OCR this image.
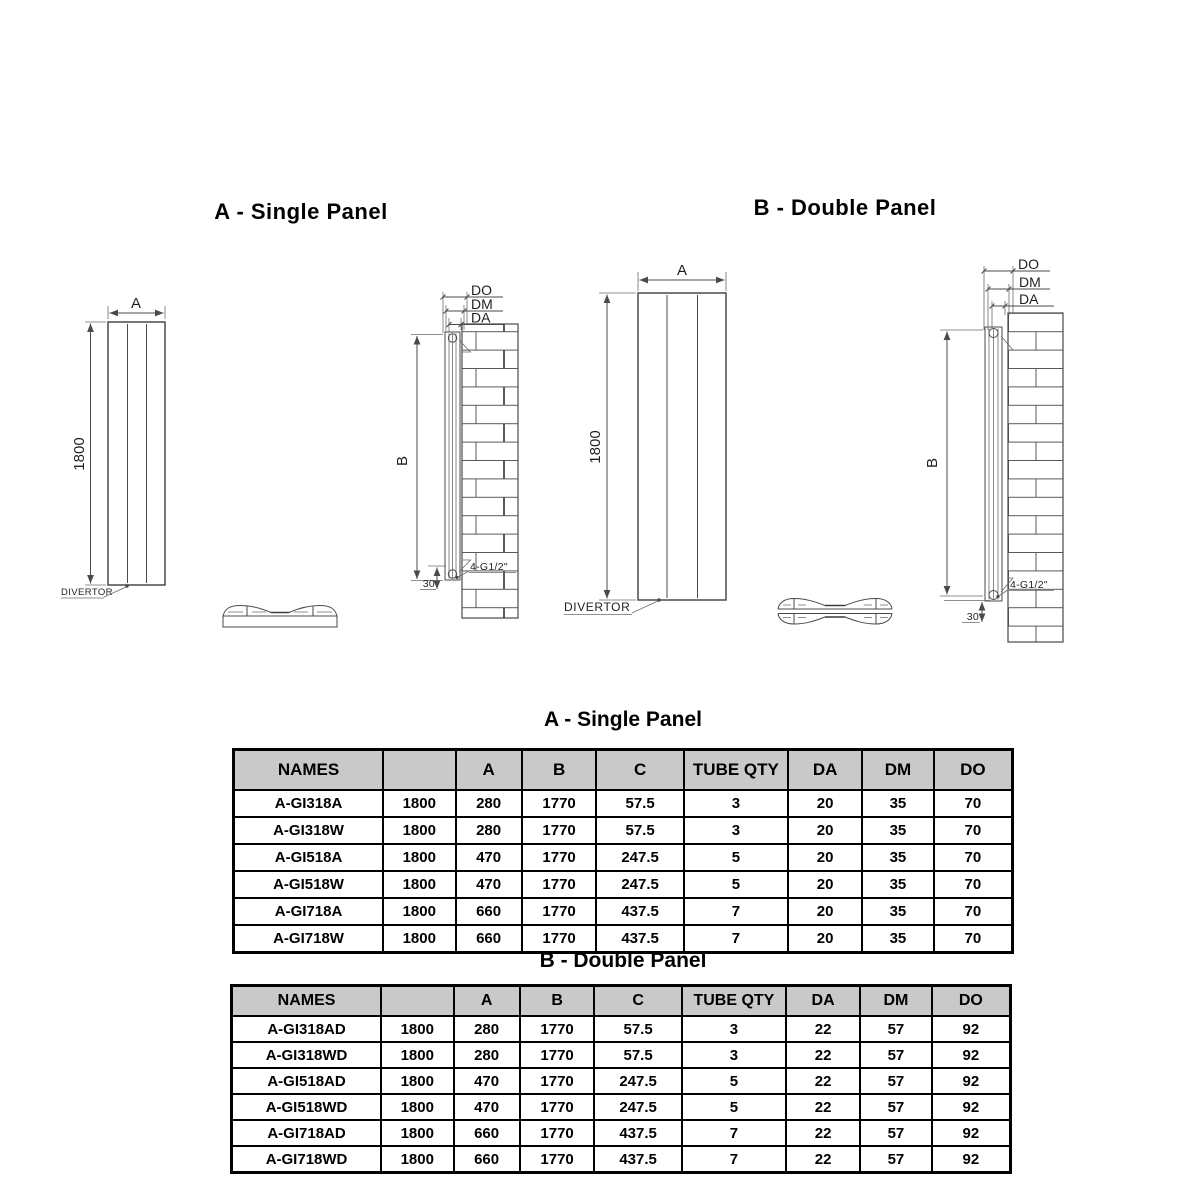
A - Single Panel	B - Double Panel
A
1800
DIVERTOR
B
DO
DM
DA
4-G1/2"
30
A
1800
DIVERTOR
B
DO
DM
DA
4-G1/2"
30
A - Single Panel
NAMES		A	B	C	TUBE QTY	DA	DM	DO
A-GI318A	1800	280	1770	57.5	3	20	35	70
A-GI318W	1800	280	1770	57.5	3	20	35	70
A-GI518A	1800	470	1770	247.5	5	20	35	70
A-GI518W	1800	470	1770	247.5	5	20	35	70
A-GI718A	1800	660	1770	437.5	7	20	35	70
A-GI718W	1800	660	1770	437.5	7	20	35	70
B - Double Panel
NAMES		A	B	C	TUBE QTY	DA	DM	DO
A-GI318AD	1800	280	1770	57.5	3	22	57	92
A-GI318WD	1800	280	1770	57.5	3	22	57	92
A-GI518AD	1800	470	1770	247.5	5	22	57	92
A-GI518WD	1800	470	1770	247.5	5	22	57	92
A-GI718AD	1800	660	1770	437.5	7	22	57	92
A-GI718WD	1800	660	1770	437.5	7	22	57	92
